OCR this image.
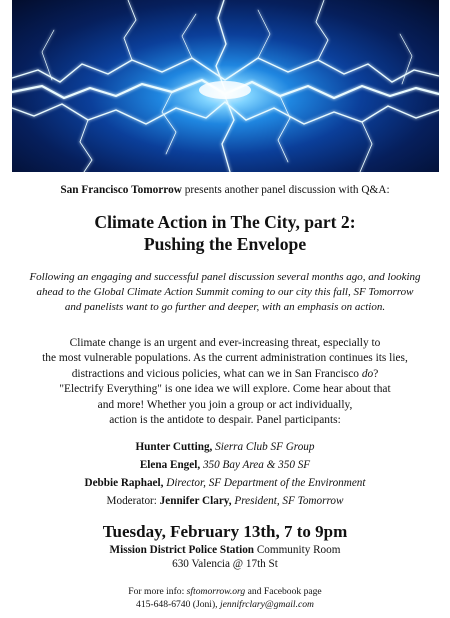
San Francisco Tomorrow presents another panel discussion with Q&A:
Climate Action in The City, part 2:
Pushing the Envelope
Following an engaging and successful panel discussion several months ago, and looking
ahead to the Global Climate Action Summit coming to our city this fall, SF Tomorrow
and panelists want to go further and deeper, with an emphasis on action.
Climate change is an urgent and ever-increasing threat, especially to
the most vulnerable populations. As the current administration continues its lies,
distractions and vicious policies, what can we in San Francisco do?
"Electrify Everything" is one idea we will explore. Come hear about that
and more! Whether you join a group or act individually,
action is the antidote to despair. Panel participants:
Hunter Cutting, Sierra Club SF Group
Elena Engel, 350 Bay Area & 350 SF
Debbie Raphael, Director, SF Department of the Environment
Moderator: Jennifer Clary, President, SF Tomorrow
Tuesday, February 13th, 7 to 9pm
Mission District Police Station Community Room
630 Valencia @ 17th St
For more info: sftomorrow.org and Facebook page
415-648-6740 (Joni), jennifrclary@gmail.com
